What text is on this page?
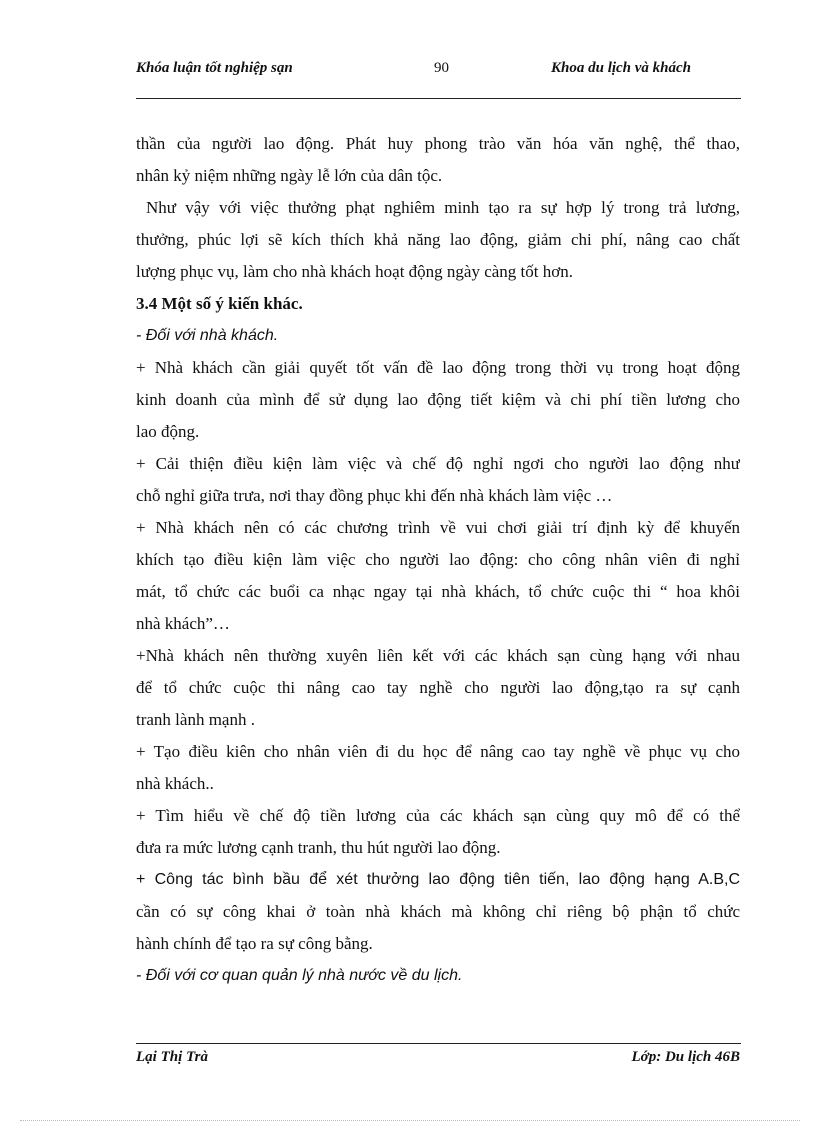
Khóa luận tốt nghiệp sạn	90	Khoa du lịch và khách
thần của người lao động. Phát huy phong trào văn hóa văn nghệ, thể thao,
nhân kỷ niệm những ngày lễ lớn của dân tộc.
Như vậy với việc thưởng phạt nghiêm minh tạo ra sự hợp lý trong trả lương,
thưởng, phúc lợi sẽ kích thích khả năng lao động, giảm chi phí, nâng cao chất
lượng phục vụ, làm cho nhà khách hoạt động ngày càng tốt hơn.
3.4 Một số ý kiến khác.
- Đối với nhà khách.
+ Nhà khách cần giải quyết tốt vấn đề lao động trong thời vụ trong hoạt động
kinh doanh của mình để sử dụng lao động tiết kiệm và chi phí tiền lương cho
lao động.
+ Cải thiện điều kiện làm việc và chế độ nghỉ ngơi cho người lao động như
chỗ nghỉ giữa trưa, nơi thay đồng phục khi đến nhà khách làm việc …
+ Nhà khách nên có các chương trình về vui chơi giải trí định kỳ để khuyến
khích tạo điều kiện làm việc cho người lao động: cho công nhân viên đi nghỉ
mát, tổ chức các buổi ca nhạc ngay tại nhà khách, tổ chức cuộc thi “ hoa khôi
nhà khách”…
+Nhà khách nên thường xuyên liên kết với các khách sạn cùng hạng với nhau
để tổ chức cuộc thi nâng cao tay nghề cho người lao động,tạo ra sự cạnh
tranh lành mạnh .
+ Tạo điều kiên cho nhân viên đi du học để nâng cao tay nghề về phục vụ cho
nhà khách..
+ Tìm hiểu về chế độ tiền lương của các khách sạn cùng quy mô để có thể
đưa ra mức lương cạnh tranh, thu hút người lao động.
+ Công tác bình bầu để xét thưởng lao động tiên tiến, lao động hạng A.B,C
cần có sự công khai ở toàn nhà khách mà không chỉ riêng bộ phận tổ chức
hành chính để tạo ra sự công bằng.
- Đối với cơ quan quản lý nhà nước về du lịch.
Lại Thị Trà	Lớp: Du lịch 46B
